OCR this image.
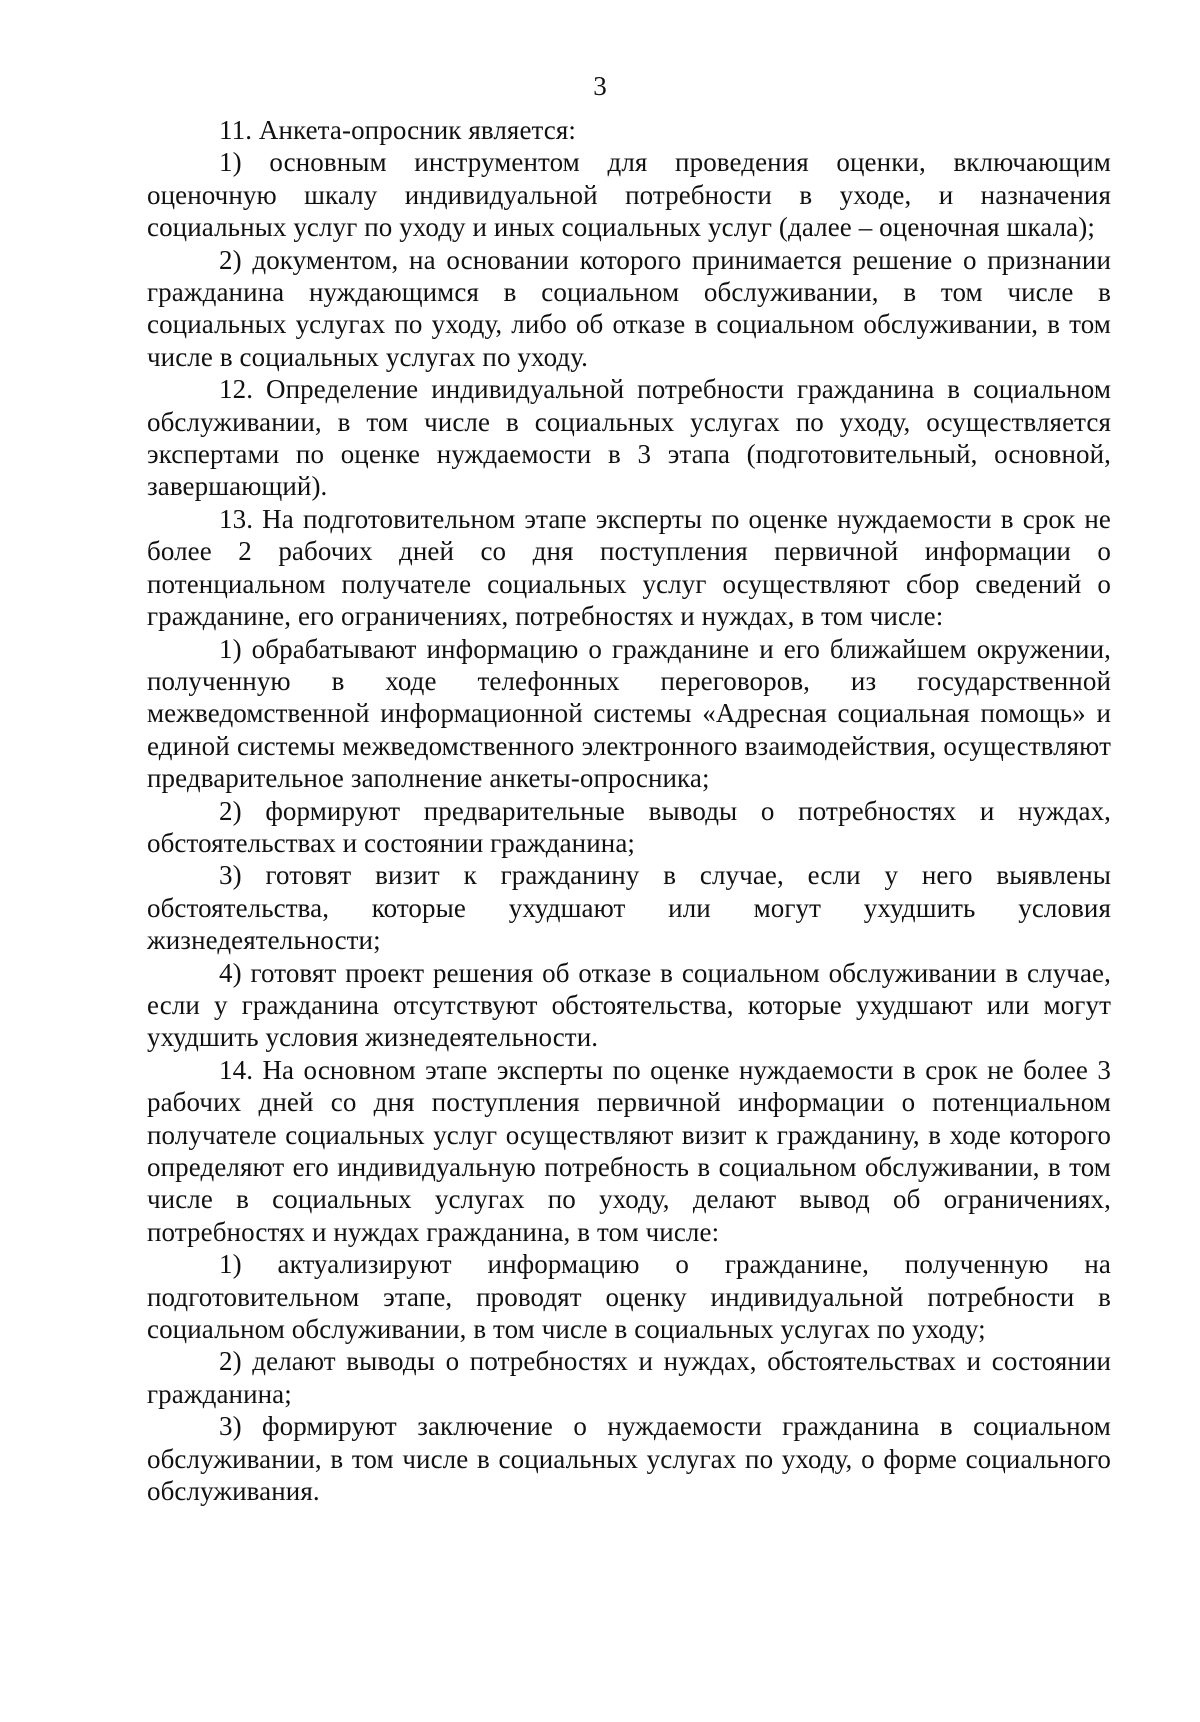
3

11. Анкета-опросник является:

1) основным инструментом для проведения оценки, включающим оценочную шкалу индивидуальной потребности в уходе, и назначения социальных услуг по уходу и иных социальных услуг (далее – оценочная шкала);

2) документом, на основании которого принимается решение о признании гражданина нуждающимся в социальном обслуживании, в том числе в социальных услугах по уходу, либо об отказе в социальном обслуживании, в том числе в социальных услугах по уходу.

12. Определение индивидуальной потребности гражданина в социальном обслуживании, в том числе в социальных услугах по уходу, осуществляется экспертами по оценке нуждаемости в 3 этапа (подготовительный, основной, завершающий).

13. На подготовительном этапе эксперты по оценке нуждаемости в срок не более 2 рабочих дней со дня поступления первичной информации о потенциальном получателе социальных услуг осуществляют сбор сведений о гражданине, его ограничениях, потребностях и нуждах, в том числе:

1) обрабатывают информацию о гражданине и его ближайшем окружении, полученную в ходе телефонных переговоров, из государственной межведомственной информационной системы «Адресная социальная помощь» и единой системы межведомственного электронного взаимодействия, осуществляют предварительное заполнение анкеты-опросника;

2) формируют предварительные выводы о потребностях и нуждах, обстоятельствах и состоянии гражданина;

3) готовят визит к гражданину в случае, если у него выявлены обстоятельства, которые ухудшают или могут ухудшить условия жизнедеятельности;

4) готовят проект решения об отказе в социальном обслуживании в случае, если у гражданина отсутствуют обстоятельства, которые ухудшают или могут ухудшить условия жизнедеятельности.

14. На основном этапе эксперты по оценке нуждаемости в срок не более 3 рабочих дней со дня поступления первичной информации о потенциальном получателе социальных услуг осуществляют визит к гражданину, в ходе которого определяют его индивидуальную потребность в социальном обслуживании, в том числе в социальных услугах по уходу, делают вывод об ограничениях, потребностях и нуждах гражданина, в том числе:

1) актуализируют информацию о гражданине, полученную на подготовительном этапе, проводят оценку индивидуальной потребности в социальном обслуживании, в том числе в социальных услугах по уходу;

2) делают выводы о потребностях и нуждах, обстоятельствах и состоянии гражданина;

3) формируют заключение о нуждаемости гражданина в социальном обслуживании, в том числе в социальных услугах по уходу, о форме социального обслуживания.
